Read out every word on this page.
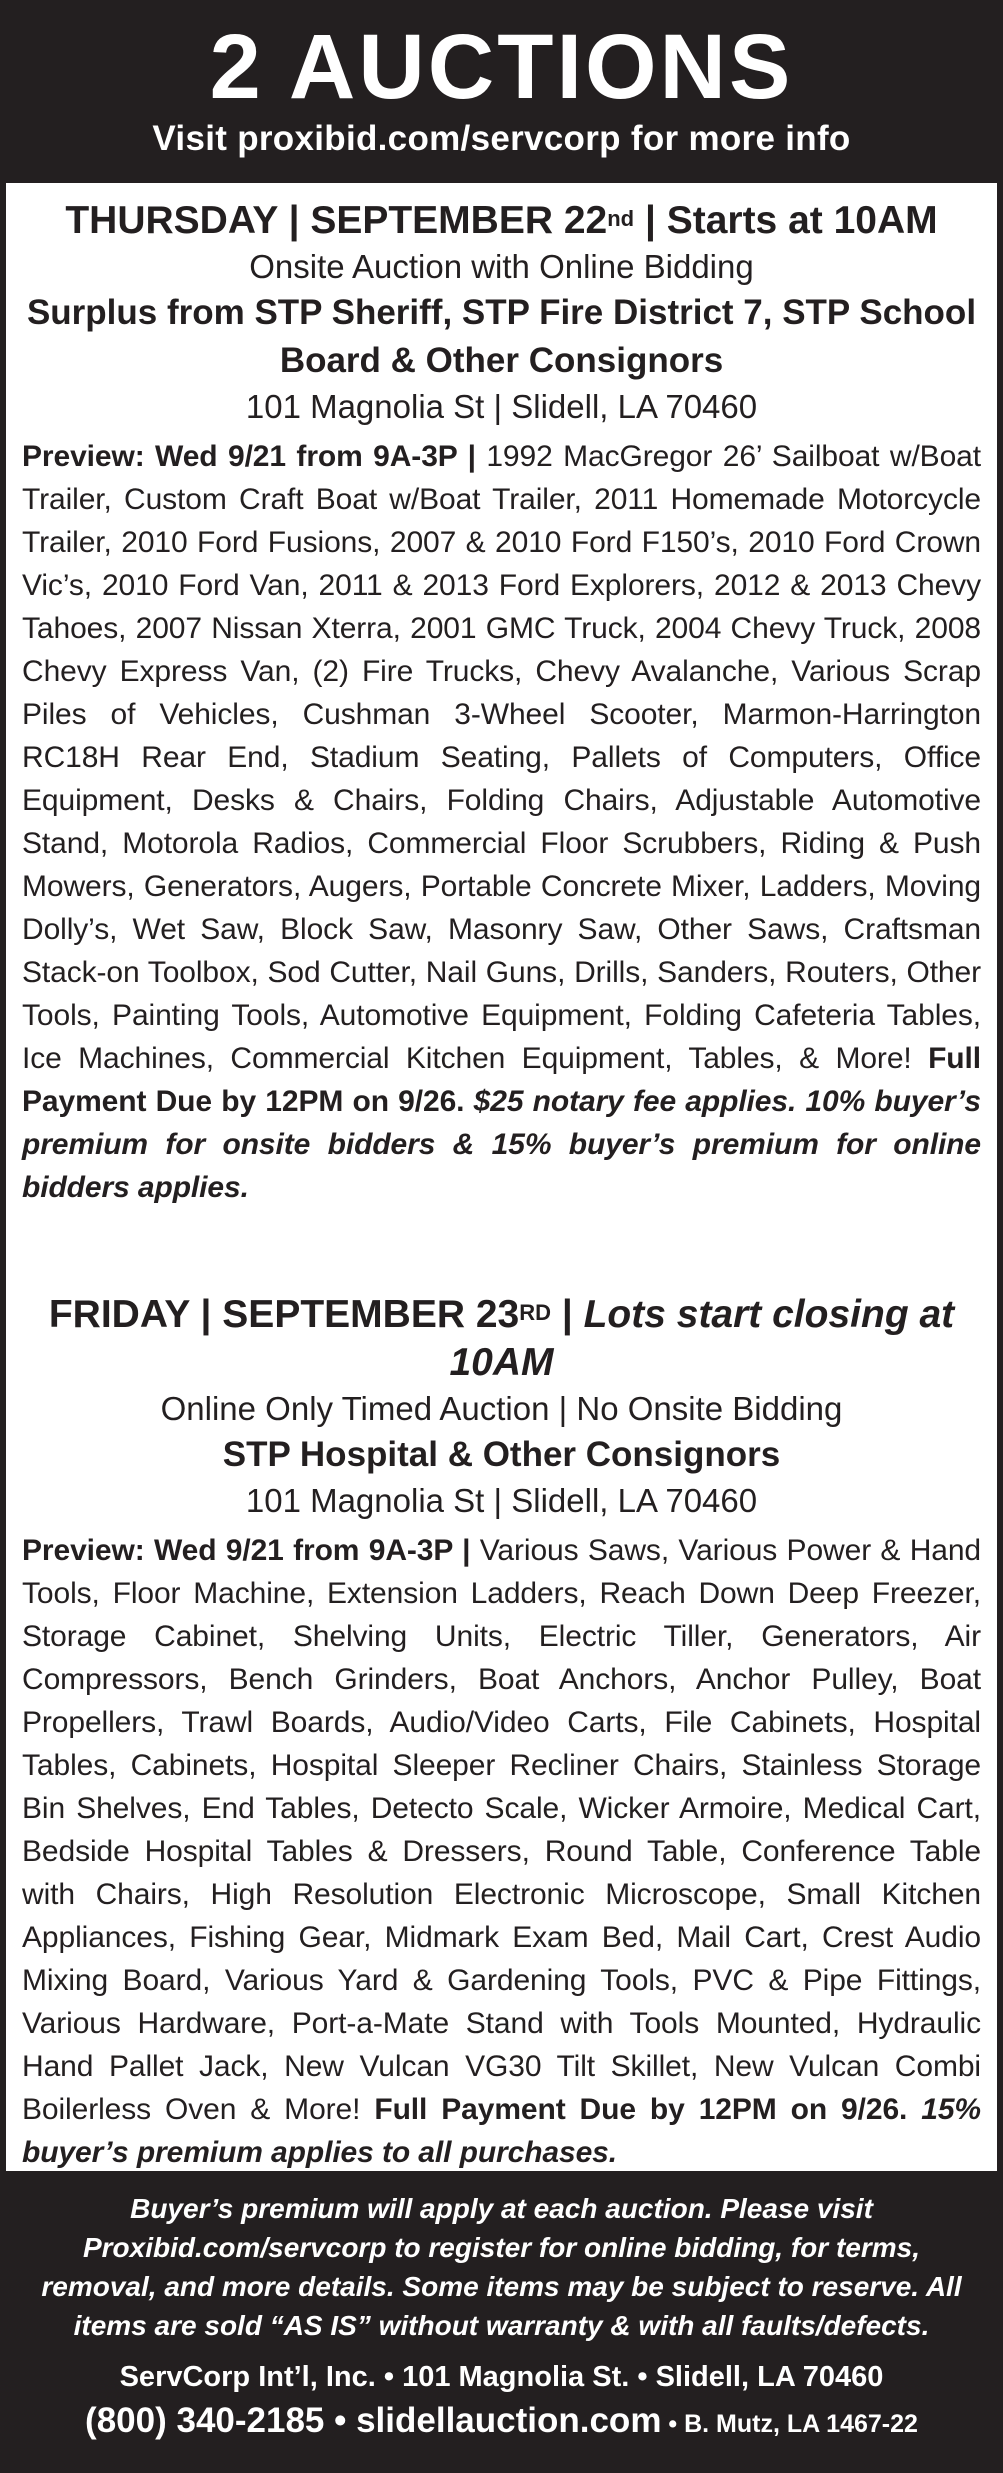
2 AUCTIONS
Visit proxibid.com/servcorp for more info

THURSDAY | SEPTEMBER 22nd | Starts at 10AM

Onsite Auction with Online Bidding

Surplus from STP Sheriff, STP Fire District 7, STP School Board & Other Consignors

101 Magnolia St | Slidell, LA 70460

Preview: Wed 9/21 from 9A-3P | 1992 MacGregor 26’ Sailboat w/Boat Trailer, Custom Craft Boat w/Boat Trailer, 2011 Homemade Motorcycle Trailer, 2010 Ford Fusions, 2007 & 2010 Ford F150’s, 2010 Ford Crown Vic’s, 2010 Ford Van, 2011 & 2013 Ford Explorers, 2012 & 2013 Chevy Tahoes, 2007 Nissan Xterra, 2001 GMC Truck, 2004 Chevy Truck, 2008 Chevy Express Van, (2) Fire Trucks, Chevy Avalanche, Various Scrap Piles of Vehicles, Cushman 3-Wheel Scooter, Marmon-Harrington RC18H Rear End, Stadium Seating, Pallets of Computers, Office Equipment, Desks & Chairs, Folding Chairs, Adjustable Automotive Stand, Motorola Radios, Commercial Floor Scrubbers, Riding & Push Mowers, Generators, Augers, Portable Concrete Mixer, Ladders, Moving Dolly’s, Wet Saw, Block Saw, Masonry Saw, Other Saws, Craftsman Stack-on Toolbox, Sod Cutter, Nail Guns, Drills, Sanders, Routers, Other Tools, Painting Tools, Automotive Equipment, Folding Cafeteria Tables, Ice Machines, Commercial Kitchen Equipment, Tables, & More! Full Payment Due by 12PM on 9/26. $25 notary fee applies. 10% buyer’s premium for onsite bidders & 15% buyer’s premium for online bidders applies.

FRIDAY | SEPTEMBER 23RD | Lots start closing at 10AM

Online Only Timed Auction | No Onsite Bidding

STP Hospital & Other Consignors

101 Magnolia St | Slidell, LA 70460

Preview: Wed 9/21 from 9A-3P | Various Saws, Various Power & Hand Tools, Floor Machine, Extension Ladders, Reach Down Deep Freezer, Storage Cabinet, Shelving Units, Electric Tiller, Generators, Air Compressors, Bench Grinders, Boat Anchors, Anchor Pulley, Boat Propellers, Trawl Boards, Audio/Video Carts, File Cabinets, Hospital Tables, Cabinets, Hospital Sleeper Recliner Chairs, Stainless Storage Bin Shelves, End Tables, Detecto Scale, Wicker Armoire, Medical Cart, Bedside Hospital Tables & Dressers, Round Table, Conference Table with Chairs, High Resolution Electronic Microscope, Small Kitchen Appliances, Fishing Gear, Midmark Exam Bed, Mail Cart, Crest Audio Mixing Board, Various Yard & Gardening Tools, PVC & Pipe Fittings, Various Hardware, Port-a-Mate Stand with Tools Mounted, Hydraulic Hand Pallet Jack, New Vulcan VG30 Tilt Skillet, New Vulcan Combi Boilerless Oven & More! Full Payment Due by 12PM on 9/26. 15% buyer’s premium applies to all purchases.

Buyer’s premium will apply at each auction. Please visit Proxibid.com/servcorp to register for online bidding, for terms, removal, and more details. Some items may be subject to reserve. All items are sold “AS IS” without warranty & with all faults/defects.
ServCorp Int’l, Inc. • 101 Magnolia St. • Slidell, LA 70460
(800) 340-2185 • slidellauction.com • B. Mutz, LA 1467-22
